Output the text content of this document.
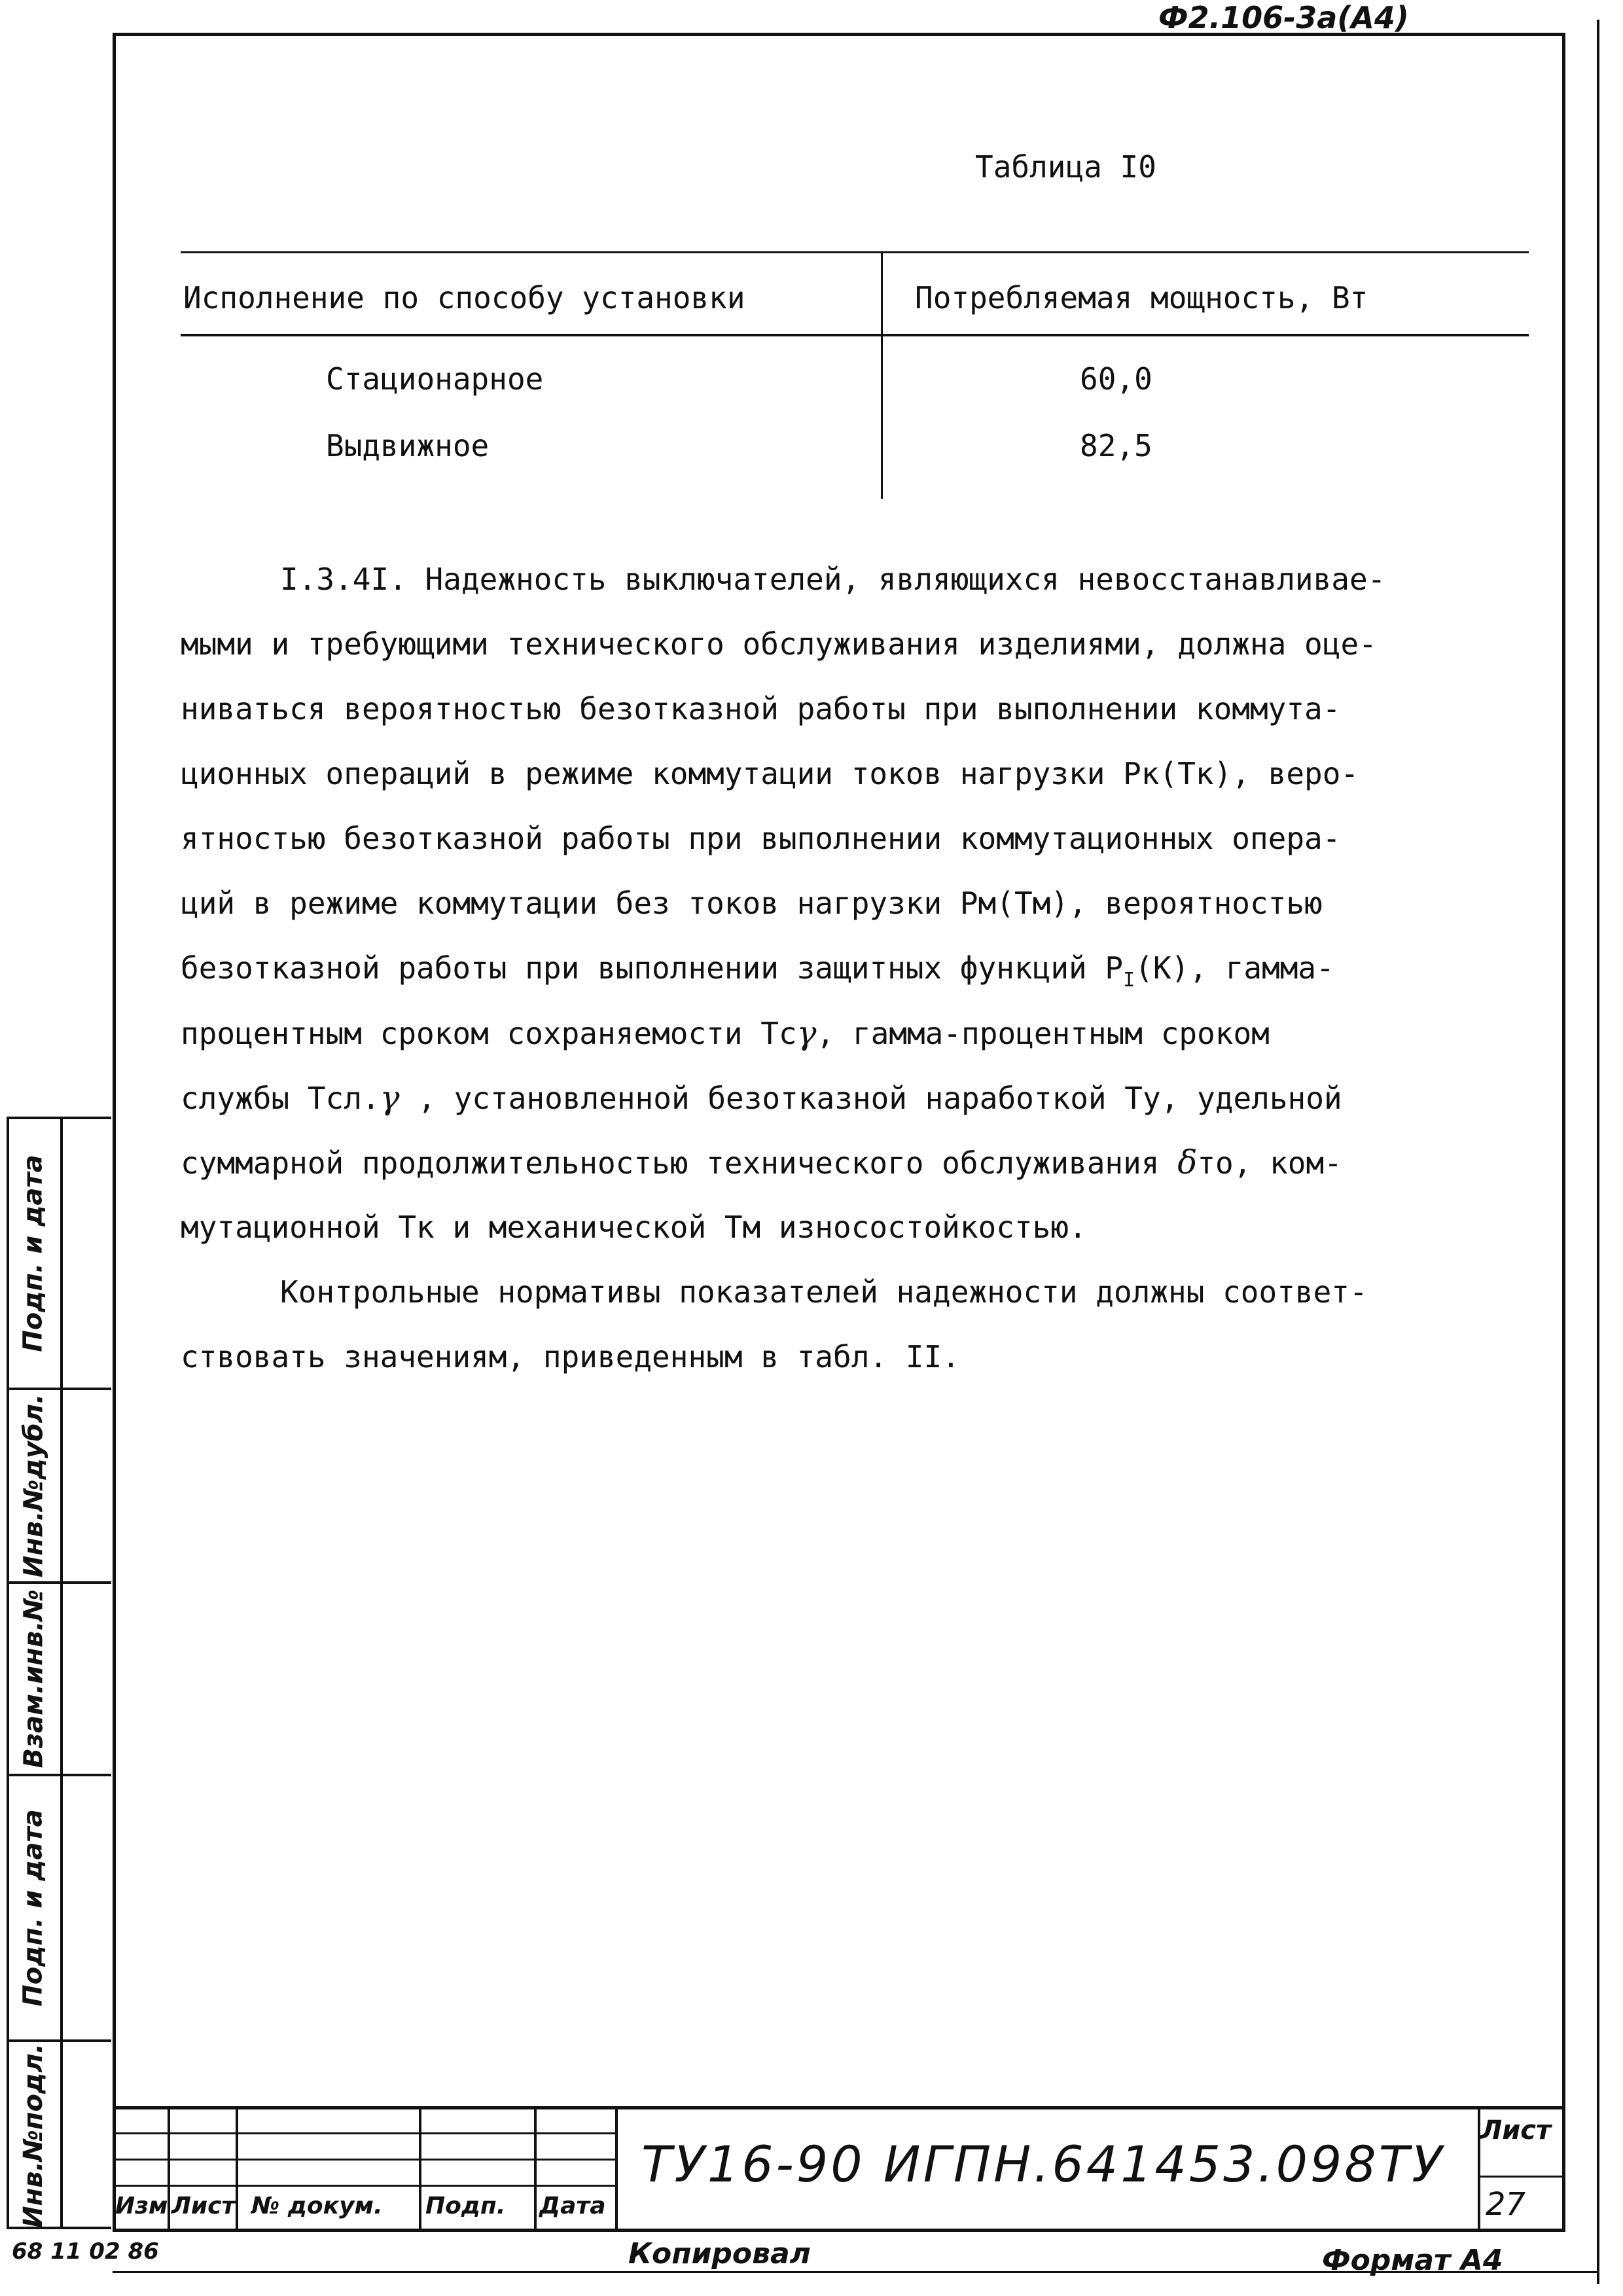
Ф2.106-3а(А4)
Таблица I0
Исполнение по способу установки	Потребляемая мощность, Вт
Стационарное	60,0
Выдвижное	82,5
I.3.4I. Надежность выключателей, являющихся невосстанавливае-
мыми и требующими технического обслуживания изделиями, должна оце-
ниваться вероятностью безотказной работы при выполнении коммута-
ционных операций в режиме коммутации токов нагрузки Рк(Тк), веро-
ятностью безотказной работы при выполнении коммутационных опера-
ций в режиме коммутации без токов нагрузки Рм(Тм), вероятностью
безотказной работы при выполнении защитных функций $Р_I(К)$, гамма-
процентным сроком сохраняемости Тсγ, гамма-процентным сроком
службы Тсл.γ , установленной безотказной наработкой Ту, удельной
суммарной продолжительностью технического обслуживания δто, ком-
мутационной Тк и механической Тм износостойкостью.
Контрольные нормативы показателей надежности должны соответ-
ствовать значениям, приведенным в табл. II.
Подп. и дата
Инв.№дубл.
Взам.инв.№
Подп. и дата
Инв.№подл.	Изм Лист № докум. Подп. Дата
ТУ16-90 ИГПН.641453.098ТУ
Лист
27
Копировал	Формат А4
68 11 02 86
